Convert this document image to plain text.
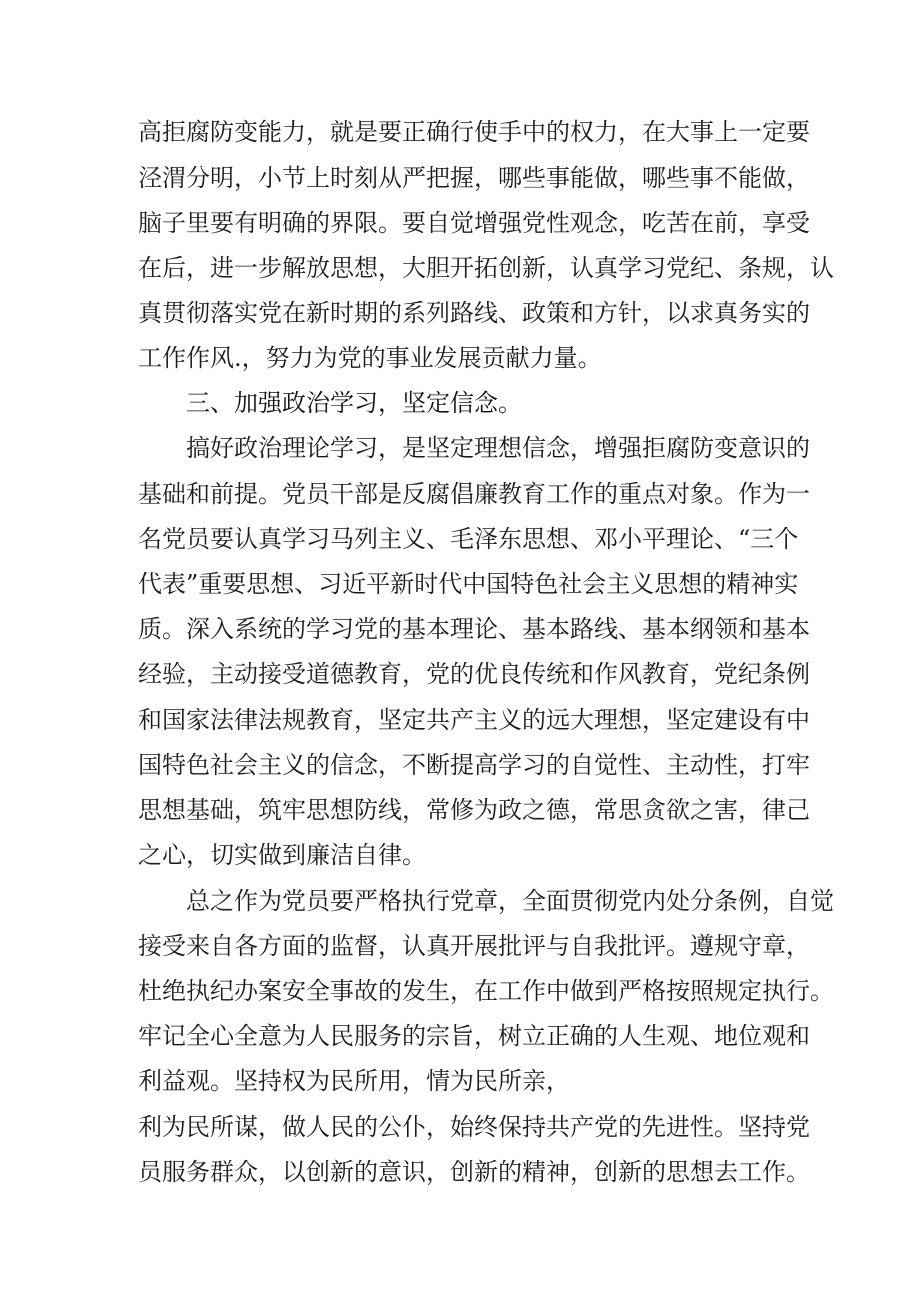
高拒腐防变能力，就是要正确行使手中的权力，在大事上一定要

泾渭分明，小节上时刻从严把握，哪些事能做，哪些事不能做，

脑子里要有明确的界限。要自觉增强党性观念，吃苦在前，享受

在后，进一步解放思想，大胆开拓创新，认真学习党纪、条规，认

真贯彻落实党在新时期的系列路线、政策和方针，以求真务实的

工作作风.，努力为党的事业发展贡献力量。

三、加强政治学习，坚定信念。

搞好政治理论学习，是坚定理想信念，增强拒腐防变意识的

基础和前提。党员干部是反腐倡廉教育工作的重点对象。作为一

名党员要认真学习马列主义、毛泽东思想、邓小平理论、“三个

代表”重要思想、习近平新时代中国特色社会主义思想的精神实

质。深入系统的学习党的基本理论、基本路线、基本纲领和基本

经验，主动接受道德教育，党的优良传统和作风教育，党纪条例

和国家法律法规教育，坚定共产主义的远大理想，坚定建设有中

国特色社会主义的信念，不断提高学习的自觉性、主动性，打牢

思想基础，筑牢思想防线，常修为政之德，常思贪欲之害，律己

之心，切实做到廉洁自律。

总之作为党员要严格执行党章，全面贯彻党内处分条例，自觉

接受来自各方面的监督，认真开展批评与自我批评。遵规守章，

杜绝执纪办案安全事故的发生，在工作中做到严格按照规定执行。

牢记全心全意为人民服务的宗旨，树立正确的人生观、地位观和

利益观。坚持权为民所用，情为民所亲，

利为民所谋，做人民的公仆，始终保持共产党的先进性。坚持党

员服务群众，以创新的意识，创新的精神，创新的思想去工作。
